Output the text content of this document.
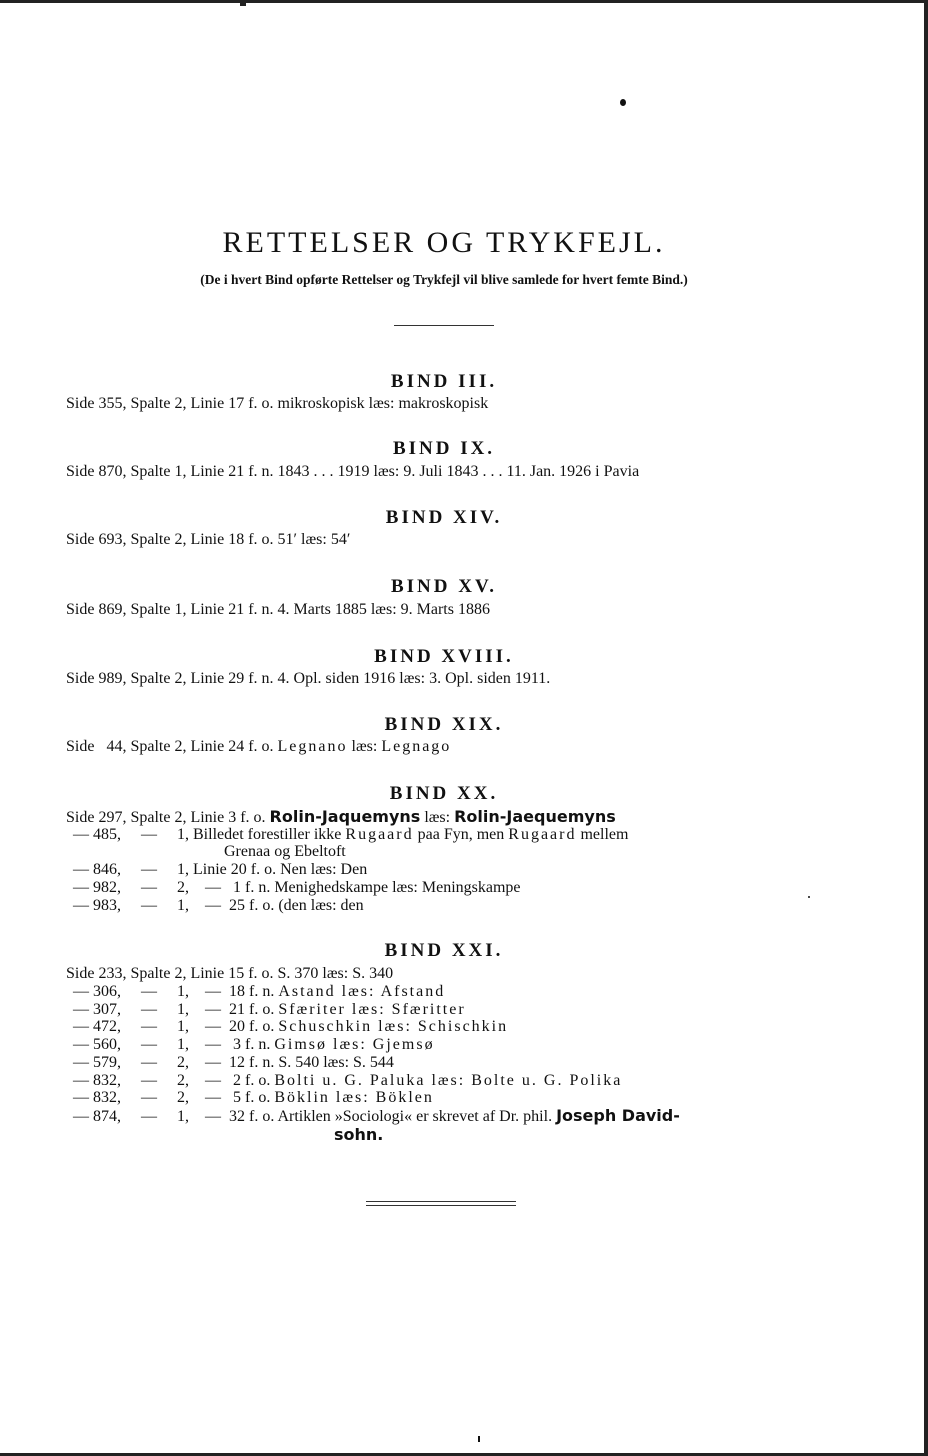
RETTELSER OG TRYKFEJL.
(De i hvert Bind opførte Rettelser og Trykfejl vil blive samlede for hvert femte Bind.)
BIND III.
Side 355, Spalte 2, Linie 17 f. o. mikroskopisk læs: makroskopisk
BIND IX.
Side 870, Spalte 1, Linie 21 f. n. 1843 . . . 1919 læs: 9. Juli 1843 . . . 11. Jan. 1926 i Pavia
BIND XIV.
Side 693, Spalte 2, Linie 18 f. o. 51′ læs: 54′
BIND XV.
Side 869, Spalte 1, Linie 21 f. n. 4. Marts 1885 læs: 9. Marts 1886
BIND XVIII.
Side 989, Spalte 2, Linie 29 f. n. 4. Opl. siden 1916 læs: 3. Opl. siden 1911.
BIND XIX.
Side   44, Spalte 2, Linie 24 f. o. Legnano læs: Legnago
BIND XX.
Side 297, Spalte 2, Linie 3 f. o. Rolin-Jaquemyns læs: Rolin-Jaequemyns
— 485,     —     1, Billedet forestiller ikke Rugaard paa Fyn, men Rugaard mellem
Grenaa og Ebeltoft
— 846,     —     1, Linie 20 f. o. Nen læs: Den
— 982,     —     2,    —   1 f. n. Menighedskampe læs: Meningskampe
— 983,     —     1,    —  25 f. o. (den læs: den
BIND XXI.
Side 233, Spalte 2, Linie 15 f. o. S. 370 læs: S. 340
— 306,     —     1,    —  18 f. n. Astand læs: Afstand
— 307,     —     1,    —  21 f. o. Sfæriter læs: Sfæritter
— 472,     —     1,    —  20 f. o. Schuschkin læs: Schischkin
— 560,     —     1,    —   3 f. n. Gimsø læs: Gjemsø
— 579,     —     2,    —  12 f. n. S. 540 læs: S. 544
— 832,     —     2,    —   2 f. o. Bolti u. G. Paluka læs: Bolte u. G. Polika
— 832,     —     2,    —   5 f. o. Böklin læs: Böklen
— 874,     —     1,    —  32 f. o. Artiklen »Sociologi« er skrevet af Dr. phil. Joseph David-
sohn.
